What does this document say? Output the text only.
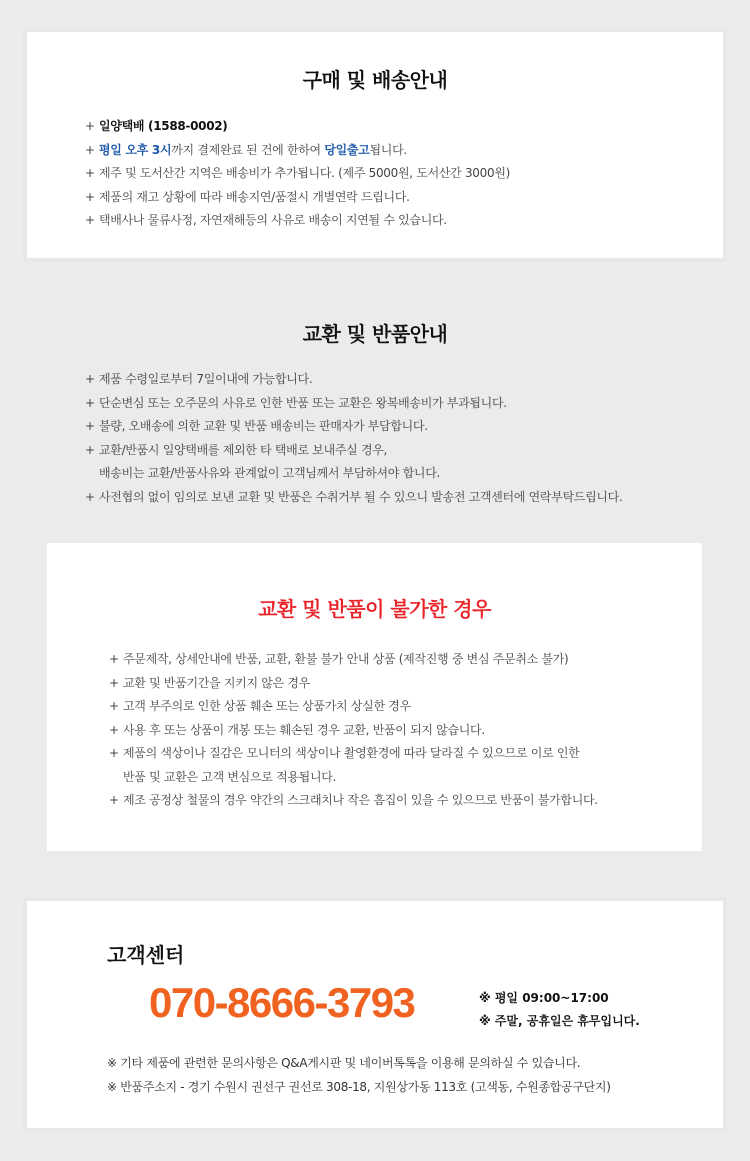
구매 및 배송안내
+ 일양택배 (1588-0002)
+ 평일 오후 3시까지 결제완료 된 건에 한하여 당일출고됩니다.
+ 제주 및 도서산간 지역은 배송비가 추가됩니다. (제주 5000원, 도서산간 3000원)
+ 제품의 재고 상황에 따라 배송지연/품절시 개별연락 드립니다.
+ 택배사나 물류사정, 자연재해등의 사유로 배송이 지연될 수 있습니다.
교환 및 반품안내
+ 제품 수령일로부터 7일이내에 가능합니다.
+ 단순변심 또는 오주문의 사유로 인한 반품 또는 교환은 왕복배송비가 부과됩니다.
+ 불량, 오배송에 의한 교환 및 반품 배송비는 판매자가 부담합니다.
+ 교환/반품시 일양택배를 제외한 타 택배로 보내주실 경우,
배송비는 교환/반품사유와 관계없이 고객님께서 부담하셔야 합니다.
+ 사전협의 없이 임의로 보낸 교환 및 반품은 수취거부 될 수 있으니 발송전 고객센터에 연락부탁드립니다.
교환 및 반품이 불가한 경우
+ 주문제작, 상세안내에 반품, 교환, 환불 불가 안내 상품 (제작진행 중 변심 주문취소 불가)
+ 교환 및 반품기간을 지키지 않은 경우
+ 고객 부주의로 인한 상품 훼손 또는 상품가치 상실한 경우
+ 사용 후 또는 상품이 개봉 또는 훼손된 경우 교환, 반품이 되지 않습니다.
+ 제품의 색상이나 질감은 모니터의 색상이나 촬영환경에 따라 달라질 수 있으므로 이로 인한
반품 및 교환은 고객 변심으로 적용됩니다.
+ 제조 공정상 철물의 경우 약간의 스크래치나 작은 흠집이 있을 수 있으므로 반품이 불가합니다.
고객센터
070-8666-3793	※ 평일 09:00~17:00
※ 주말, 공휴일은 휴무입니다.
※ 기타 제품에 관련한 문의사항은 Q&A게시판 및 네이버톡톡을 이용해 문의하실 수 있습니다.
※ 반품주소지 - 경기 수원시 권선구 권선로 308-18, 지원상가동 113호 (고색동, 수원종합공구단지)
